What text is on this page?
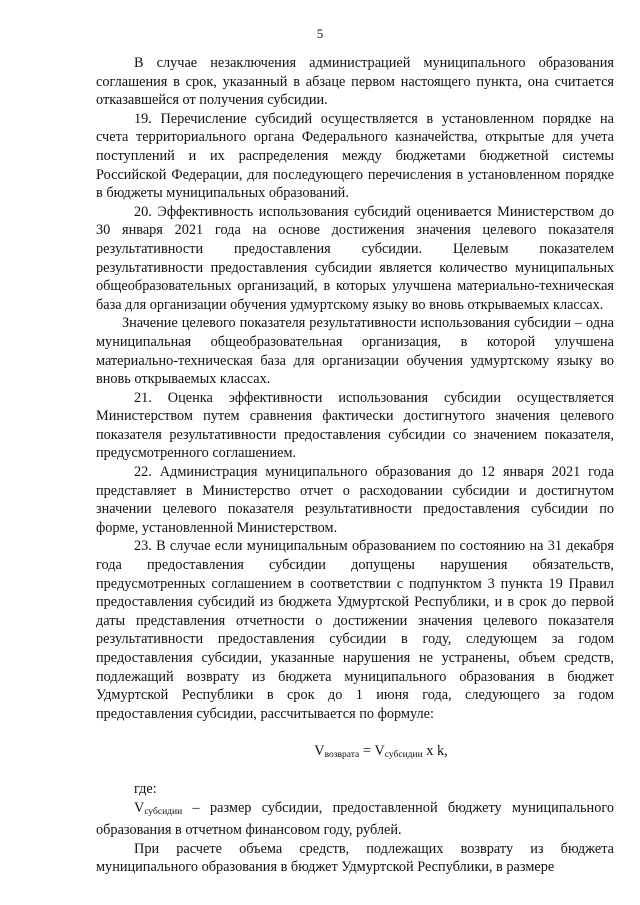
5

В случае незаключения администрацией муниципального образования соглашения в срок, указанный в абзаце первом настоящего пункта, она считается отказавшейся от получения субсидии.

19. Перечисление субсидий осуществляется в установленном порядке на счета территориального органа Федерального казначейства, открытые для учета поступлений и их распределения между бюджетами бюджетной системы Российской Федерации, для последующего перечисления в установленном порядке в бюджеты муниципальных образований.

20. Эффективность использования субсидий оценивается Министерством до 30 января 2021 года на основе достижения значения целевого показателя результативности предоставления субсидии. Целевым показателем результативности предоставления субсидии является количество муниципальных общеобразовательных организаций, в которых улучшена материально-техническая база для организации обучения удмуртскому языку во вновь открываемых классах.

Значение целевого показателя результативности использования субсидии – одна муниципальная общеобразовательная организация, в которой улучшена материально-техническая база для организации обучения удмуртскому языку во вновь открываемых классах.

21. Оценка эффективности использования субсидии осуществляется Министерством путем сравнения фактически достигнутого значения целевого показателя результативности предоставления субсидии со значением показателя, предусмотренного соглашением.

22. Администрация муниципального образования до 12 января 2021 года представляет в Министерство отчет о расходовании субсидии и достигнутом значении целевого показателя результативности предоставления субсидии по форме, установленной Министерством.

23. В случае если муниципальным образованием по состоянию на 31 декабря года предоставления субсидии допущены нарушения обязательств, предусмотренных соглашением в соответствии с подпунктом 3 пункта 19 Правил предоставления субсидий из бюджета Удмуртской Республики, и в срок до первой даты представления отчетности о достижении значения целевого показателя результативности предоставления субсидии в году, следующем за годом предоставления субсидии, указанные нарушения не устранены, объем средств, подлежащий возврату из бюджета муниципального образования в бюджет Удмуртской Республики в срок до 1 июня года, следующего за годом предоставления субсидии, рассчитывается по формуле:

$V_{возврата} = V_{субсидии}$ x k,

где:

$V_{субсидии}$ – размер субсидии, предоставленной бюджету муниципального образования в отчетном финансовом году, рублей.

При расчете объема средств, подлежащих возврату из бюджета муниципального образования в бюджет Удмуртской Республики, в размере
